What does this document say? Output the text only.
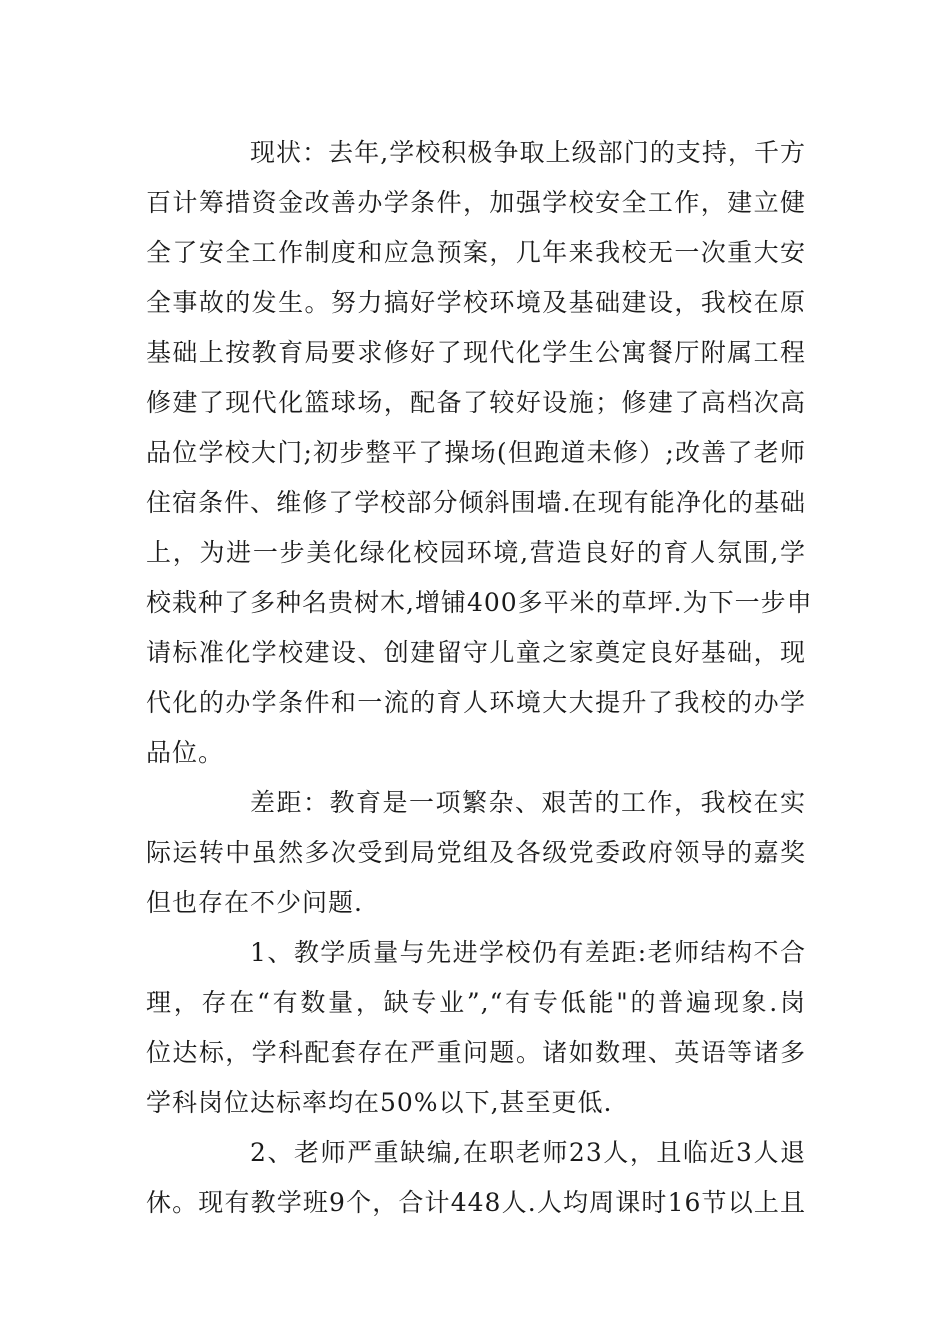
现状：去年,学校积极争取上级部门的支持，千方
百计筹措资金改善办学条件，加强学校安全工作，建立健
全了安全工作制度和应急预案，几年来我校无一次重大安
全事故的发生。努力搞好学校环境及基础建设，我校在原
基础上按教育局要求修好了现代化学生公寓餐厅附属工程
修建了现代化篮球场，配备了较好设施；修建了高档次高
品位学校大门;初步整平了操场(但跑道未修）;改善了老师
住宿条件、维修了学校部分倾斜围墙.在现有能净化的基础
上，为进一步美化绿化校园环境,营造良好的育人氛围,学
校栽种了多种名贵树木,增铺400多平米的草坪.为下一步申
请标准化学校建设、创建留守儿童之家奠定良好基础，现
代化的办学条件和一流的育人环境大大提升了我校的办学
品位。
差距：教育是一项繁杂、艰苦的工作，我校在实
际运转中虽然多次受到局党组及各级党委政府领导的嘉奖
但也存在不少问题.
1、教学质量与先进学校仍有差距:老师结构不合
理，存在“有数量，缺专业”,“有专低能"的普遍现象.岗
位达标，学科配套存在严重问题。诸如数理、英语等诸多
学科岗位达标率均在50%以下,甚至更低.
2、老师严重缺编,在职老师23人，且临近3人退
休。现有教学班9个，合计448人.人均周课时16节以上且
